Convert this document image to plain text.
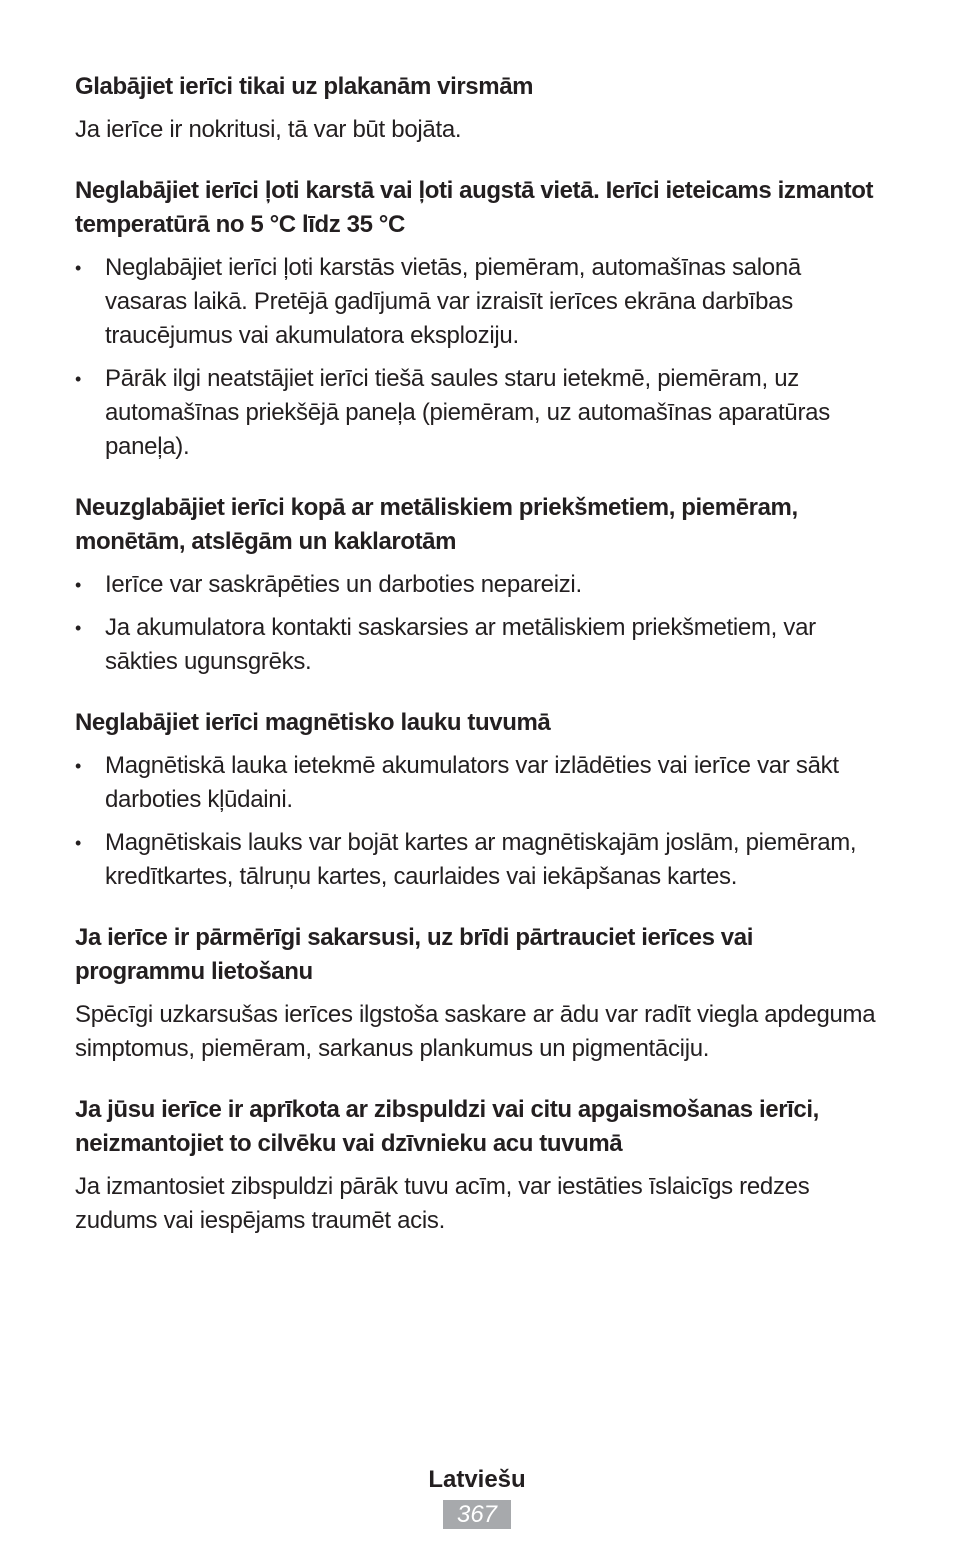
Glabājiet ierīci tikai uz plakanām virsmām

Ja ierīce ir nokritusi, tā var būt bojāta.

Neglabājiet ierīci ļoti karstā vai ļoti augstā vietā. Ierīci ieteicams izmantot temperatūrā no 5 °C līdz 35 °C
• Neglabājiet ierīci ļoti karstās vietās, piemēram, automašīnas salonā vasaras laikā. Pretējā gadījumā var izraisīt ierīces ekrāna darbības traucējumus vai akumulatora eksploziju.
• Pārāk ilgi neatstājiet ierīci tiešā saules staru ietekmē, piemēram, uz automašīnas priekšējā paneļa (piemēram, uz automašīnas aparatūras paneļa).
Neuzglabājiet ierīci kopā ar metāliskiem priekšmetiem, piemēram, monētām, atslēgām un kaklarotām
• Ierīce var saskrāpēties un darboties nepareizi.
• Ja akumulatora kontakti saskarsies ar metāliskiem priekšmetiem, var sākties ugunsgrēks.
Neglabājiet ierīci magnētisko lauku tuvumā
• Magnētiskā lauka ietekmē akumulators var izlādēties vai ierīce var sākt darboties kļūdaini.
• Magnētiskais lauks var bojāt kartes ar magnētiskajām joslām, piemēram, kredītkartes, tālruņu kartes, caurlaides vai iekāpšanas kartes.
Ja ierīce ir pārmērīgi sakarsusi, uz brīdi pārtrauciet ierīces vai programmu lietošanu

Spēcīgi uzkarsušas ierīces ilgstoša saskare ar ādu var radīt viegla apdeguma simptomus, piemēram, sarkanus plankumus un pigmentāciju.

Ja jūsu ierīce ir aprīkota ar zibspuldzi vai citu apgaismošanas ierīci, neizmantojiet to cilvēku vai dzīvnieku acu tuvumā

Ja izmantosiet zibspuldzi pārāk tuvu acīm, var iestāties īslaicīgs redzes zudums vai iespējams traumēt acis.

Latviešu
367
